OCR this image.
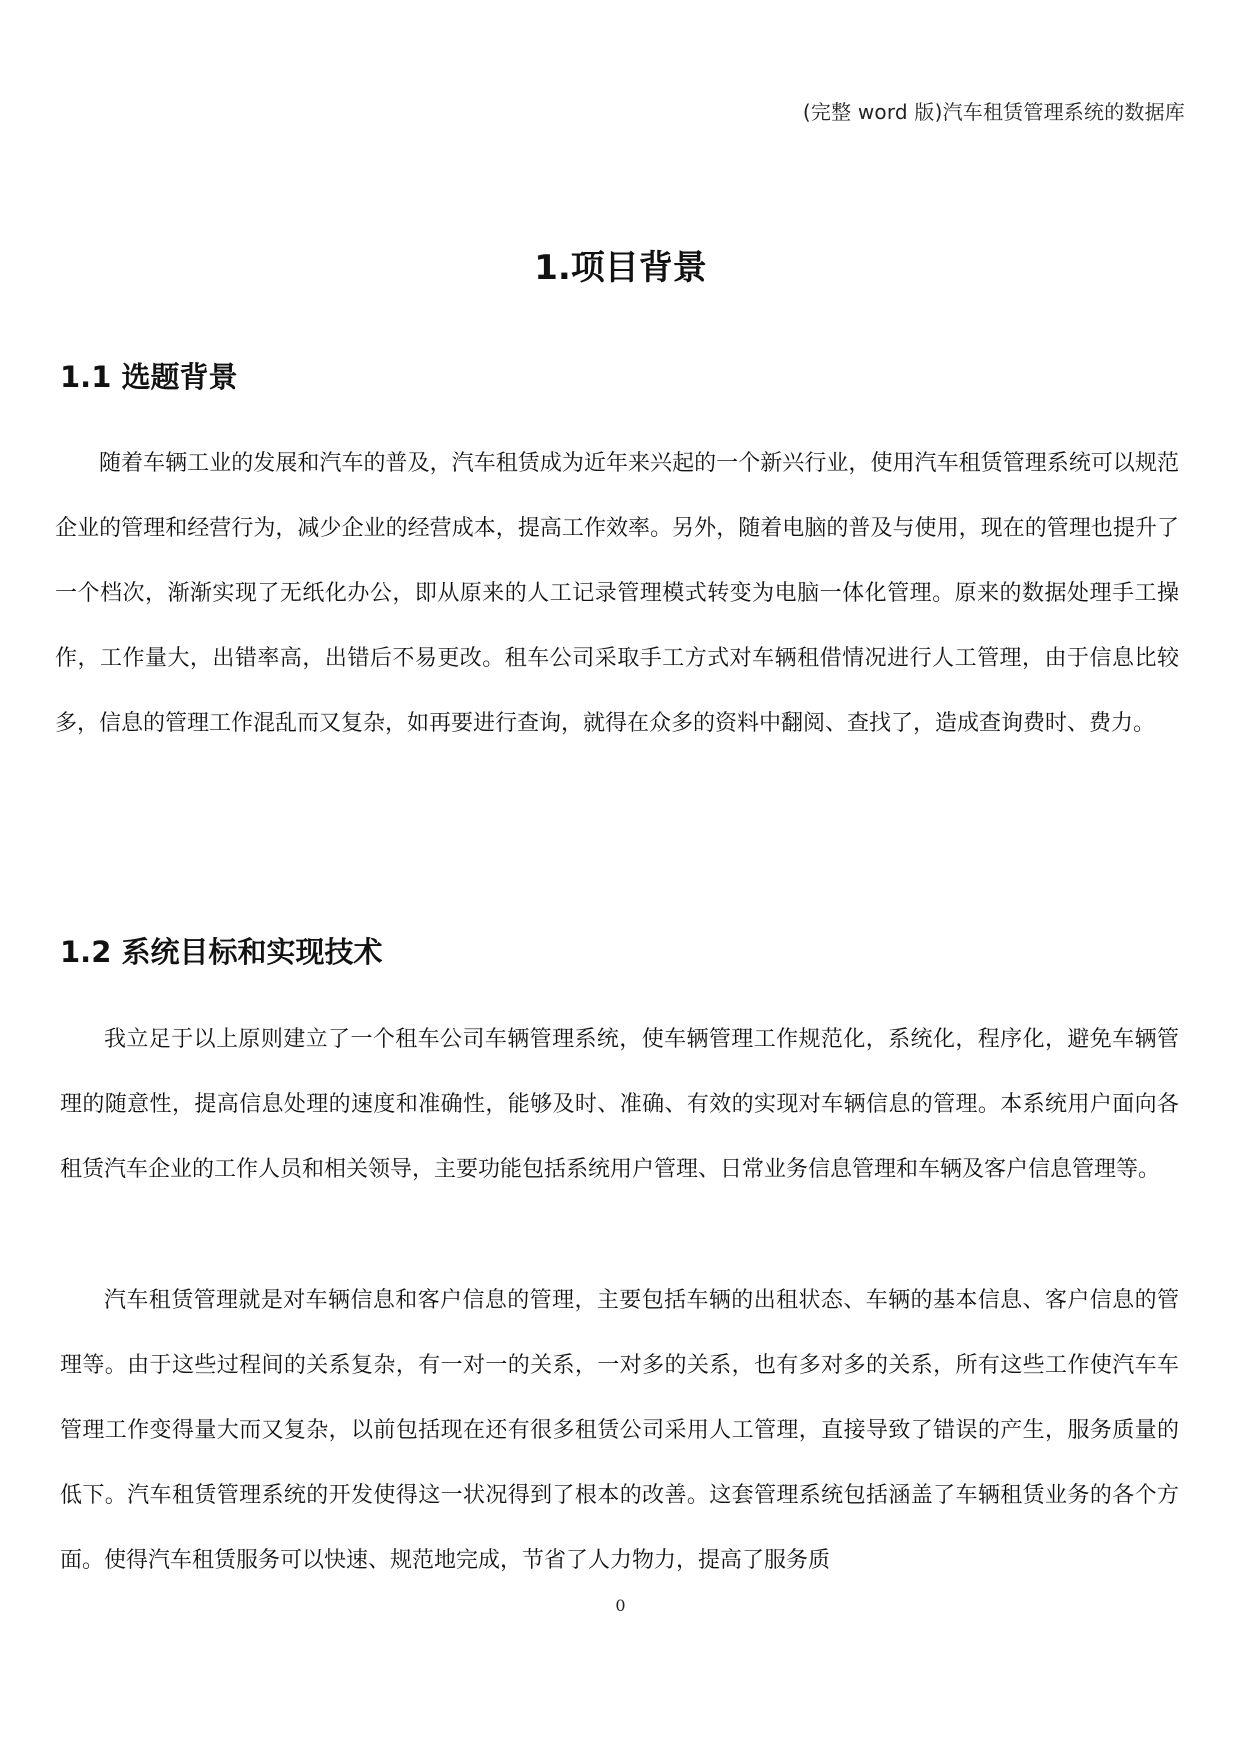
(完整 word 版)汽车租赁管理系统的数据库
1.项目背景
1.1 选题背景

随着车辆工业的发展和汽车的普及，汽车租赁成为近年来兴起的一个新兴行业，使用汽车租赁管理系统可以规范企业的管理和经营行为，减少企业的经营成本，提高工作效率。另外，随着电脑的普及与使用，现在的管理也提升了一个档次，渐渐实现了无纸化办公，即从原来的人工记录管理模式转变为电脑一体化管理。原来的数据处理手工操作，工作量大，出错率高，出错后不易更改。租车公司采取手工方式对车辆租借情况进行人工管理，由于信息比较多，信息的管理工作混乱而又复杂，如再要进行查询，就得在众多的资料中翻阅、查找了，造成查询费时、费力。

1.2 系统目标和实现技术

我立足于以上原则建立了一个租车公司车辆管理系统，使车辆管理工作规范化，系统化，程序化，避免车辆管理的随意性，提高信息处理的速度和准确性，能够及时、准确、有效的实现对车辆信息的管理。本系统用户面向各租赁汽车企业的工作人员和相关领导，主要功能包括系统用户管理、日常业务信息管理和车辆及客户信息管理等。

汽车租赁管理就是对车辆信息和客户信息的管理，主要包括车辆的出租状态、车辆的基本信息、客户信息的管理等。由于这些过程间的关系复杂，有一对一的关系，一对多的关系，也有多对多的关系，所有这些工作使汽车车管理工作变得量大而又复杂，以前包括现在还有很多租赁公司采用人工管理，直接导致了错误的产生，服务质量的低下。汽车租赁管理系统的开发使得这一状况得到了根本的改善。这套管理系统包括涵盖了车辆租赁业务的各个方面。使得汽车租赁服务可以快速、规范地完成，节省了人力物力，提高了服务质

0
